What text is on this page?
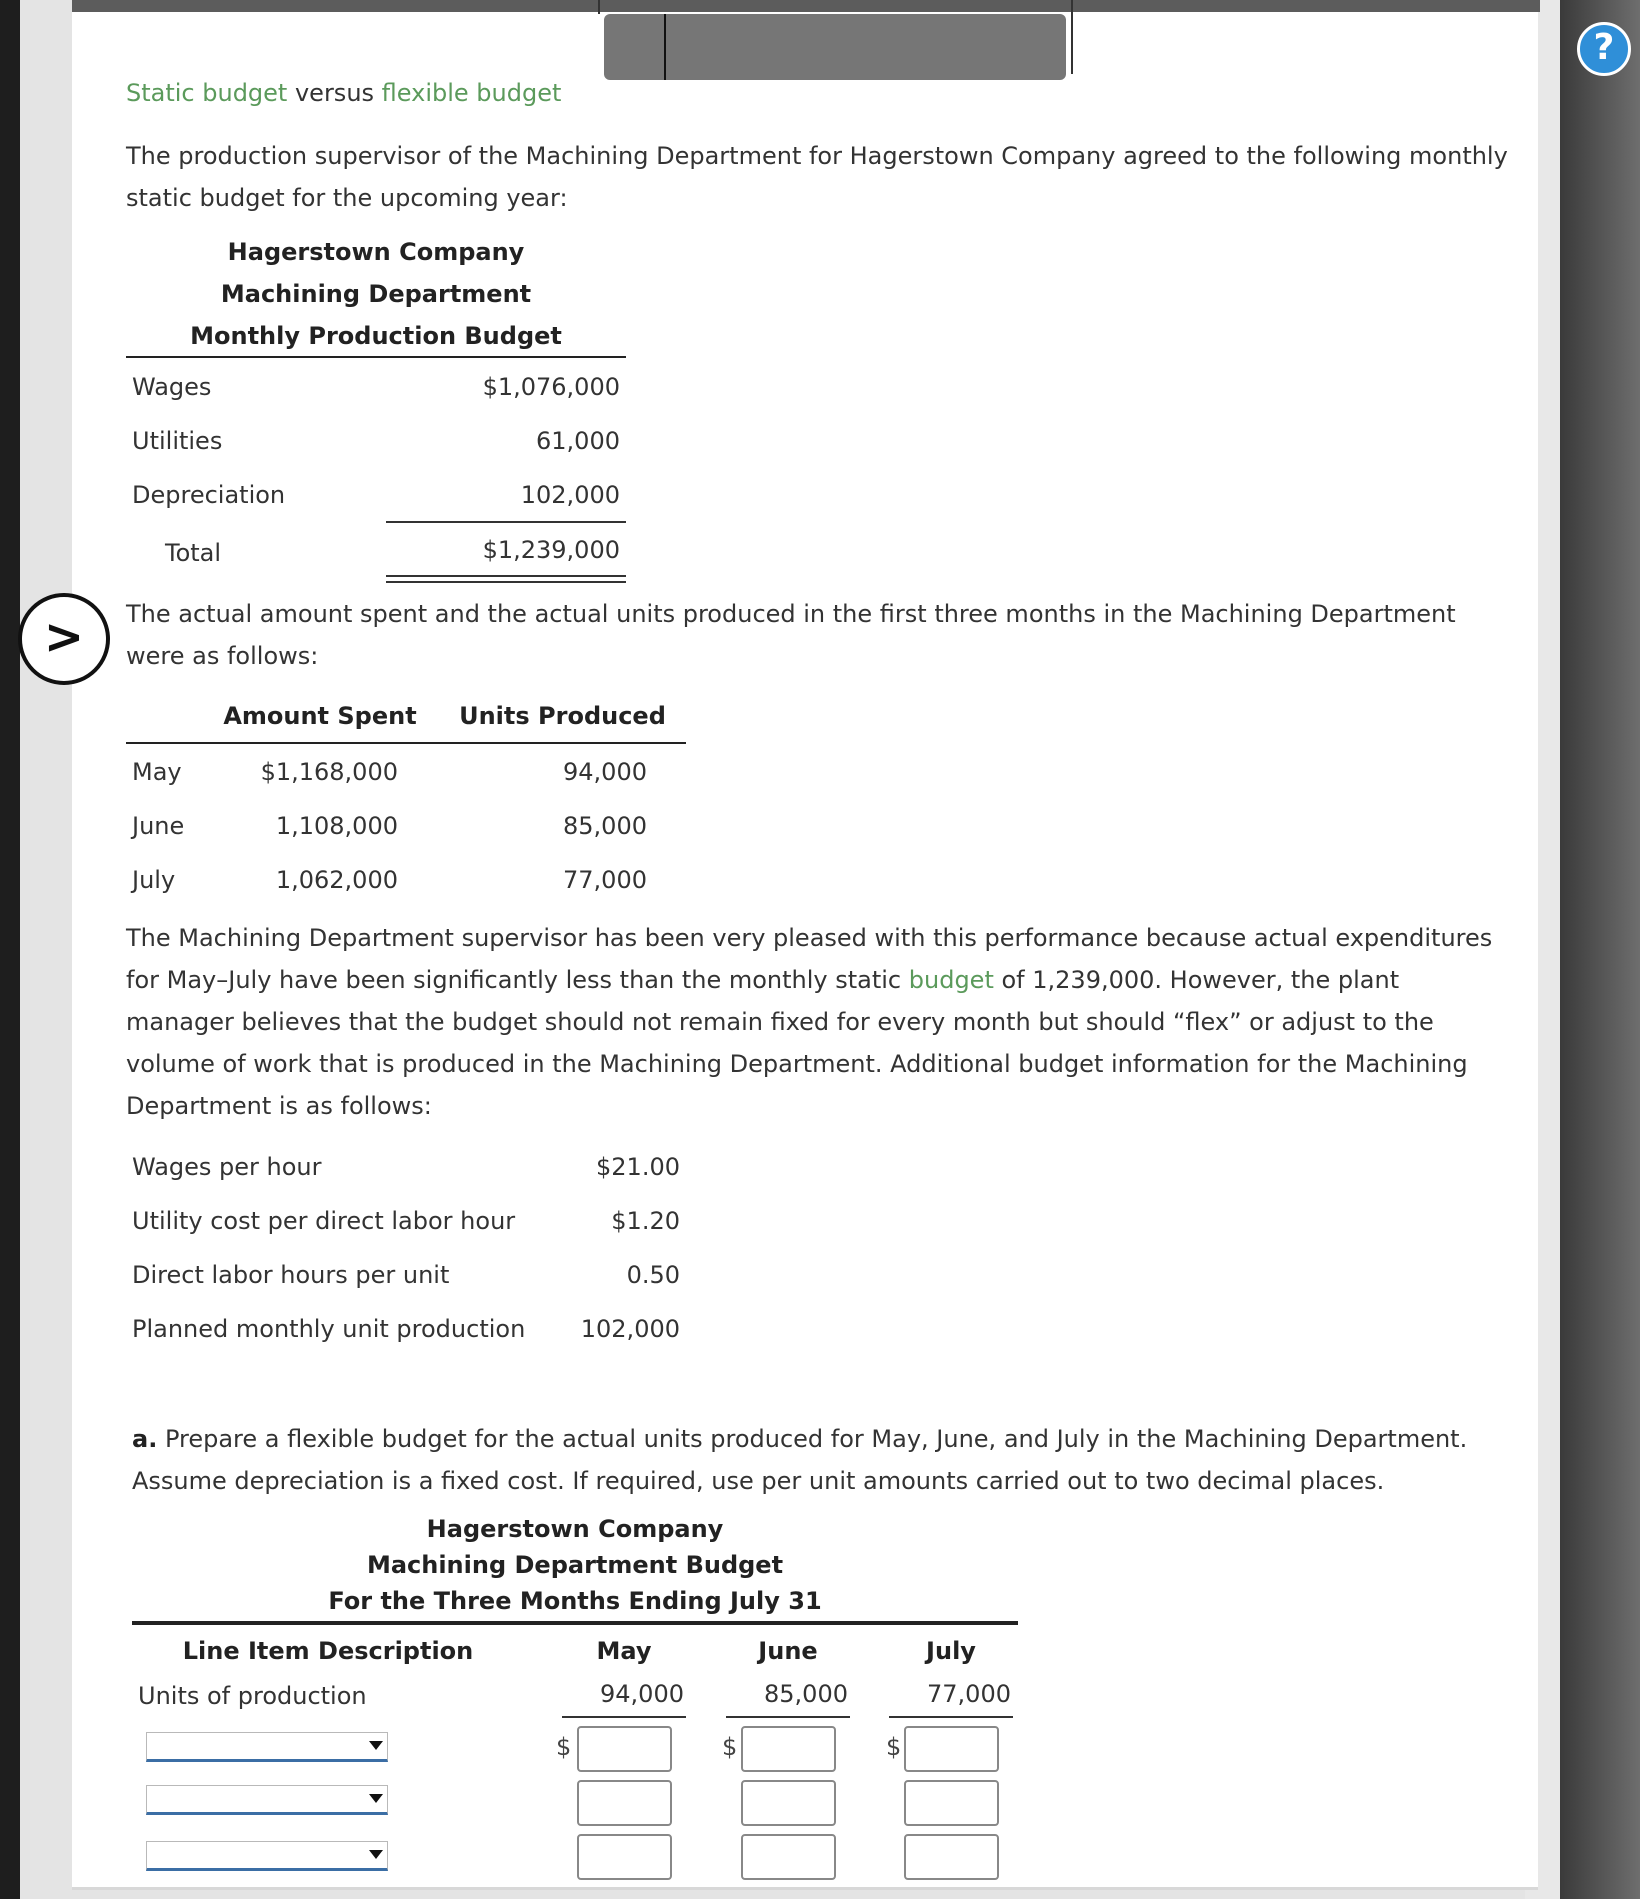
?
>
Static budget versus flexible budget
The production supervisor of the Machining Department for Hagerstown Company agreed to the following monthly
static budget for the upcoming year:
Hagerstown Company
Machining Department
Monthly Production Budget
Wages	$1,076,000
Utilities	61,000
Depreciation	102,000
Total	$1,239,000
The actual amount spent and the actual units produced in the first three months in the Machining Department
were as follows:
Amount Spent Units Produced
May	$1,168,000	94,000
June	1,108,000	85,000
July	1,062,000	77,000
The Machining Department supervisor has been very pleased with this performance because actual expenditures
for May–July have been significantly less than the monthly static budget of 1,239,000. However, the plant
manager believes that the budget should not remain fixed for every month but should “flex” or adjust to the
volume of work that is produced in the Machining Department. Additional budget information for the Machining
Department is as follows:
Wages per hour	$21.00
Utility cost per direct labor hour	$1.20
Direct labor hours per unit	0.50
Planned monthly unit production	102,000
a. Prepare a flexible budget for the actual units produced for May, June, and July in the Machining Department.
Assume depreciation is a fixed cost. If required, use per unit amounts carried out to two decimal places.
Hagerstown Company
Machining Department Budget
For the Three Months Ending July 31
Line Item Description	May	June	July
Units of production	94,000	85,000	77,000
$	$	$
